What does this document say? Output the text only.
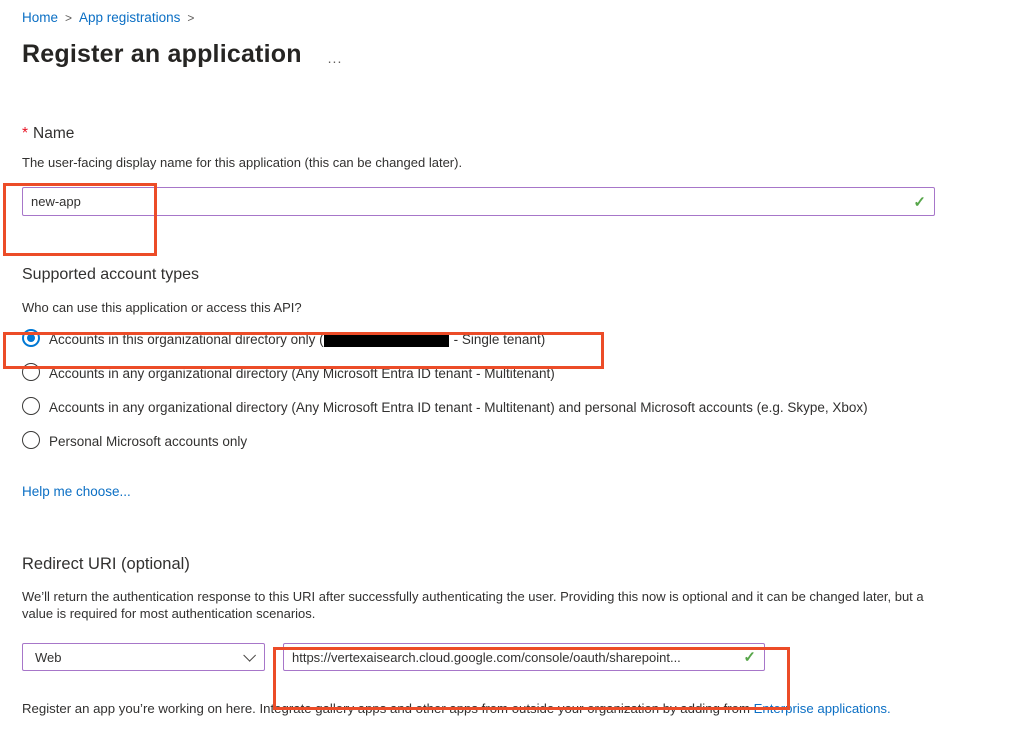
Home > App registrations >
Register an application ...
* Name
The user-facing display name for this application (this can be changed later).
new-app
✓
Supported account types
Who can use this application or access this API?
Accounts in this organizational directory only (	- Single tenant)
Accounts in any organizational directory (Any Microsoft Entra ID tenant - Multitenant)
Accounts in any organizational directory (Any Microsoft Entra ID tenant - Multitenant) and personal Microsoft accounts (e.g. Skype, Xbox)
Personal Microsoft accounts only
Help me choose...
Redirect URI (optional)
We’ll return the authentication response to this URI after successfully authenticating the user. Providing this now is optional and it can be changed later, but a value is required for most authentication scenarios.
Web
https://vertexaisearch.cloud.google.com/console/oauth/sharepoint...	✓
Register an app you’re working on here. Integrate gallery apps and other apps from outside your organization by adding from Enterprise applications.
